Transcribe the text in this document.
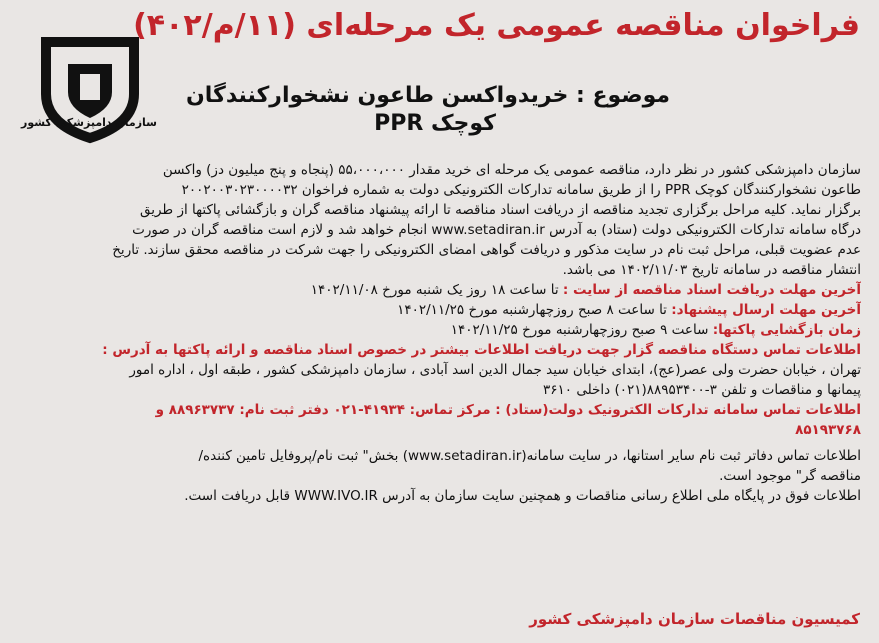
فراخوان مناقصه عمومی یک مرحله‌ای (۱۱/م/۴۰۲)
سازمان دامپزشکی کشور
موضوع : خریدواکسن طاعون نشخوارکنندگان
کوچک PPR
سازمان دامپزشکی کشور در نظر دارد، مناقصه عمومی یک مرحله ای خرید مقدار ۵۵،۰۰۰،۰۰۰ (پنجاه و پنج میلیون دز) واکسن
طاعون نشخوارکنندگان کوچک PPR را از طریق سامانه تدارکات الکترونیکی دولت به شماره فراخوان ۲۰۰۲۰۰۳۰۲۳۰۰۰۰۳۲
برگزار نماید. کلیه مراحل برگزاری تجدید مناقصه از دریافت اسناد مناقصه تا ارائه پیشنهاد مناقصه گران و بازگشائی پاکتها از طریق
درگاه سامانه تدارکات الکترونیکی دولت (ستاد) به آدرس www.setadiran.ir انجام خواهد شد و لازم است مناقصه گران در صورت
عدم عضویت قبلی، مراحل ثبت نام در سایت مذکور و دریافت گواهی امضای الکترونیکی را جهت شرکت در مناقصه محقق سازند. تاریخ
انتشار مناقصه در سامانه تاریخ ۱۴۰۲/۱۱/۰۳ می باشد.
آخرین مهلت دریافت اسناد مناقصه از سایت : تا ساعت ۱۸ روز یک شنبه مورخ ۱۴۰۲/۱۱/۰۸
آخرین مهلت ارسال پیشنهاد: تا ساعت ۸ صبح روزچهارشنبه مورخ ۱۴۰۲/۱۱/۲۵
زمان بازگشایی پاکتها: ساعت ۹ صبح روزچهارشنبه مورخ ۱۴۰۲/۱۱/۲۵
اطلاعات تماس دستگاه مناقصه گزار جهت دریافت اطلاعات بیشتر در خصوص اسناد مناقصه و ارائه پاکتها به آدرس :
تهران ، خیابان حضرت ولی عصر(عج)، ابتدای خیابان سید جمال الدین اسد آبادی ، سازمان دامپزشکی کشور ، طبقه اول ، اداره امور
پیمانها و مناقصات و تلفن ۳-۸۸۹۵۳۴۰۰(۰۲۱) داخلی ۳۶۱۰
اطلاعات تماس سامانه تدارکات الکترونیک دولت(ستاد) : مرکز تماس: ۴۱۹۳۴-۰۲۱ دفتر ثبت نام: ۸۸۹۶۳۷۳۷ و
۸۵۱۹۳۷۶۸
اطلاعات تماس دفاتر ثبت نام سایر استانها، در سایت سامانه(www.setadiran.ir) بخش" ثبت نام/پروفایل تامین کننده/
مناقصه گر" موجود است.
اطلاعات فوق در پایگاه ملی اطلاع رسانی مناقصات و همچنین سایت سازمان به آدرس WWW.IVO.IR قابل دریافت است.
کمیسیون مناقصات سازمان دامپزشکی کشور
